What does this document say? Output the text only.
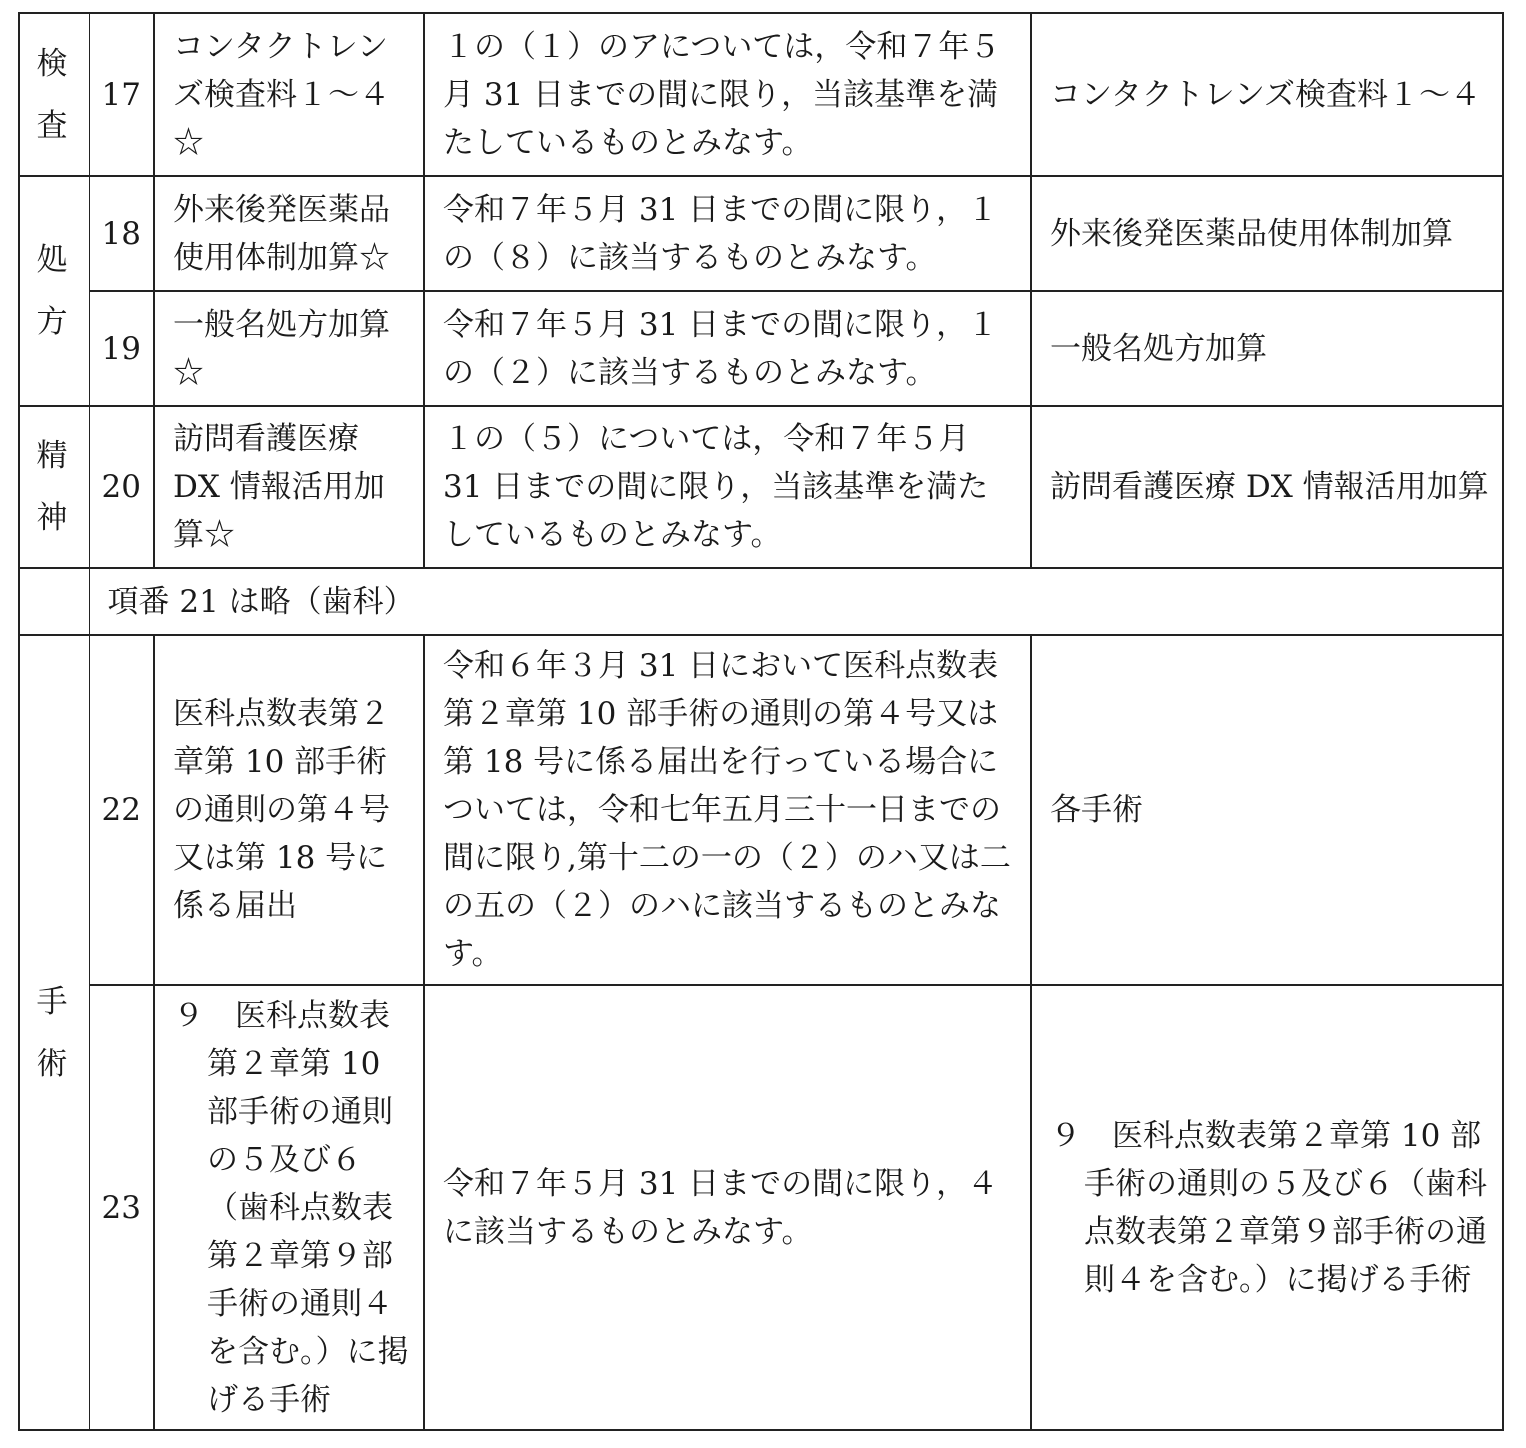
検
査		17	コンタクトレンズ検査料１～４☆	１の（１）のアについては，令和７年５月 31 日までの間に限り，当該基準を満たしているものとみなす。	コンタクトレンズ検査料１～４
処
方		18	外来後発医薬品使用体制加算☆	令和７年５月 31 日までの間に限り，１の（８）に該当するものとみなす。	外来後発医薬品使用体制加算
		19	一般名処方加算☆	令和７年５月 31 日までの間に限り，１の（２）に該当するものとみなす。	一般名処方加算
精
神		20	訪問看護医療 DX 情報活用加算☆	１の（５）については，令和７年５月 31 日までの間に限り，当該基準を満たしているものとみなす。	訪問看護医療 DX 情報活用加算
		項番 21 は略（歯科）			
手
術		22	医科点数表第２章第 10 部手術の通則の第４号又は第 18 号に係る届出	令和６年３月 31 日において医科点数表第２章第 10 部手術の通則の第４号又は第 18 号に係る届出を行っている場合については，令和七年五月三十一日までの間に限り,第十二の一の（２）のハ又は二の五の（２）のハに該当するものとみなす。	各手術
		23	９　医科点数表第２章第 10 部手術の通則の５及び６（歯科点数表第２章第９部手術の通則４を含む。）に掲げる手術	令和７年５月 31 日までの間に限り，４に該当するものとみなす。	９　医科点数表第２章第 10 部手術の通則の５及び６（歯科点数表第２章第９部手術の通則４を含む。）に掲げる手術
